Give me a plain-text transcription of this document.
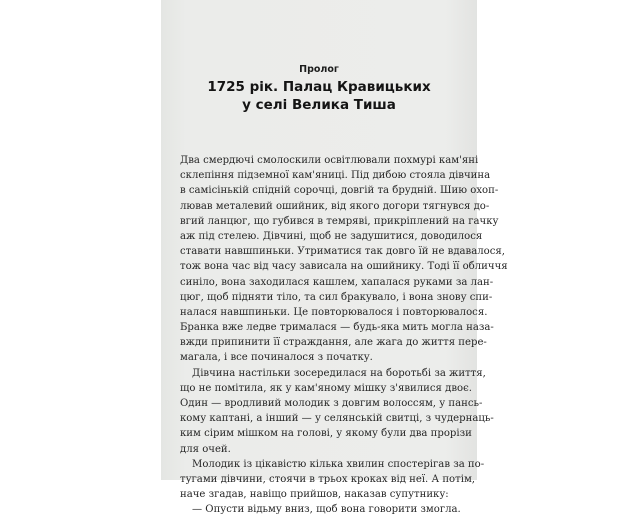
Пролог
1725 рік. Палац Кравицьких
у селі Велика Тиша
Два смердючі смолоскили освітлювали похмурі кам'яні
склепіння підземної кам'яниці. Під дибою стояла дівчина
в самісінькій спідній сорочці, довгій та брудній. Шию охоп-
лював металевий ошийник, від якого догори тягнувся до-
вгий ланцюг, що губився в темряві, прикріплений на гачку
аж під стелею. Дівчині, щоб не задушитися, доводилося
ставати навшпиньки. Утриматися так довго їй не вдавалося,
тож вона час від часу зависала на ошийнику. Тоді її обличчя
синіло, вона заходилася кашлем, хапалася руками за лан-
цюг, щоб підняти тіло, та сил бракувало, і вона знову спи-
налася навшпиньки. Це повторювалося і повторювалося.
Бранка вже ледве трималася — будь-яка мить могла наза-
вжди припинити її страждання, але жага до життя пере-
магала, і все починалося з початку.
Дівчина настільки зосередилася на боротьбі за життя,
що не помітила, як у кам'яному мішку з'явилися двоє.
Один — вродливий молодик з довгим волоссям, у пансь-
кому каптані, а інший — у селянській свитці, з чудернаць-
ким сірим мішком на голові, у якому були два прорізи
для очей.
Молодик із цікавістю кілька хвилин спостерігав за по-
тугами дівчини, стоячи в трьох кроках від неї. А потім,
наче згадав, навіщо прийшов, наказав супутнику:
— Опусти відьму вниз, щоб вона говорити змогла.
